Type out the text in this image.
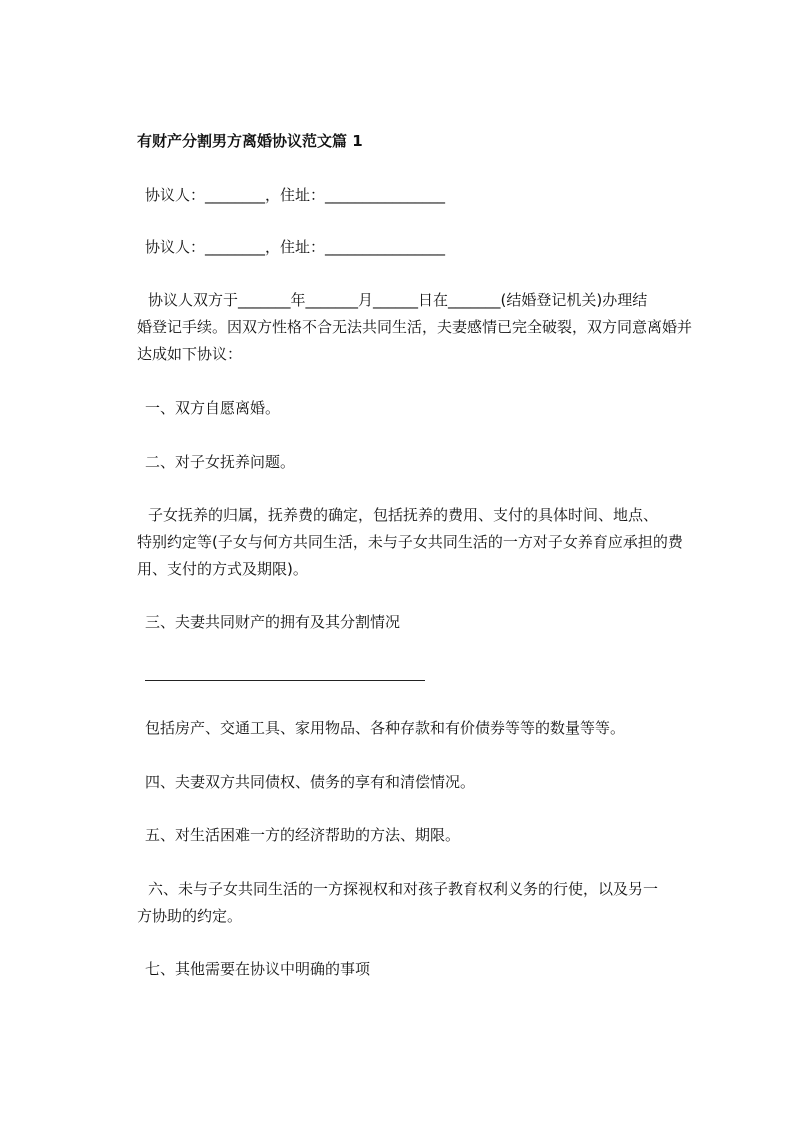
有财产分割男方离婚协议范文篇 1
协议人：________，住址：________________
协议人：________，住址：________________
协议人双方于_______年_______月______日在_______(结婚登记机关)办理结
婚登记手续。因双方性格不合无法共同生活，夫妻感情已完全破裂，双方同意离婚并
达成如下协议：
一、双方自愿离婚。
二、对子女抚养问题。
子女抚养的归属，抚养费的确定，包括抚养的费用、支付的具体时间、地点、
特别约定等(子女与何方共同生活，未与子女共同生活的一方对子女养育应承担的费
用、支付的方式及期限)。
三、夫妻共同财产的拥有及其分割情况
包括房产、交通工具、家用物品、各种存款和有价债券等等的数量等等。
四、夫妻双方共同债权、债务的享有和清偿情况。
五、对生活困难一方的经济帮助的方法、期限。
六、未与子女共同生活的一方探视权和对孩子教育权利义务的行使，以及另一
方协助的约定。
七、其他需要在协议中明确的事项
